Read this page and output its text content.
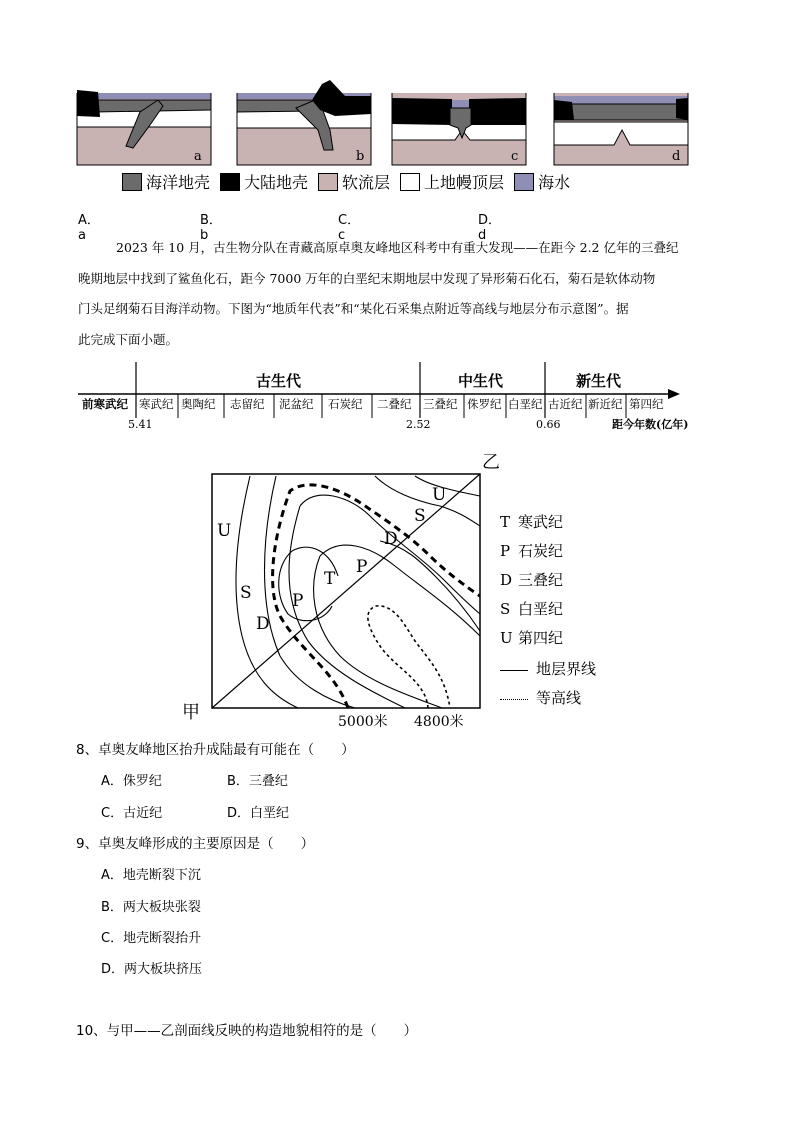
a	b	c	d
海洋地壳 大陆地壳 软流层 上地幔顶层 海水
A．a
B．b
C．c
D．d
2023 年 10 月，古生物分队在青藏高原卓奥友峰地区科考中有重大发现——在距今 2.2 亿年的三叠纪
晚期地层中找到了鲨鱼化石，距今 7000 万年的白垩纪末期地层中发现了异形菊石化石，菊石是软体动物
门头足纲菊石目海洋动物。下图为“地质年代表”和“某化石采集点附近等高线与地层分布示意图”。据
此完成下面小题。
古生代	中生代	新生代
前寒武纪 寒武纪 奥陶纪 志留纪 泥盆纪 石炭纪 二叠纪 三叠纪 侏罗纪 白垩纪 古近纪 新近纪 第四纪
5.41	2.52	0.66	距今年数(亿年)
乙
甲
U
U
S
S
D
D
P
P
T
5000米 4800米
T 寒武纪
P 石炭纪
D 三叠纪
S 白垩纪
U 第四纪
地层界线
等高线
8、卓奥友峰地区抬升成陆最有可能在（　　）
A．侏罗纪	B．三叠纪
C．古近纪	D．白垩纪
9、卓奥友峰形成的主要原因是（　　）
A．地壳断裂下沉
B．两大板块张裂
C．地壳断裂抬升
D．两大板块挤压
10、与甲——乙剖面线反映的构造地貌相符的是（　　）
